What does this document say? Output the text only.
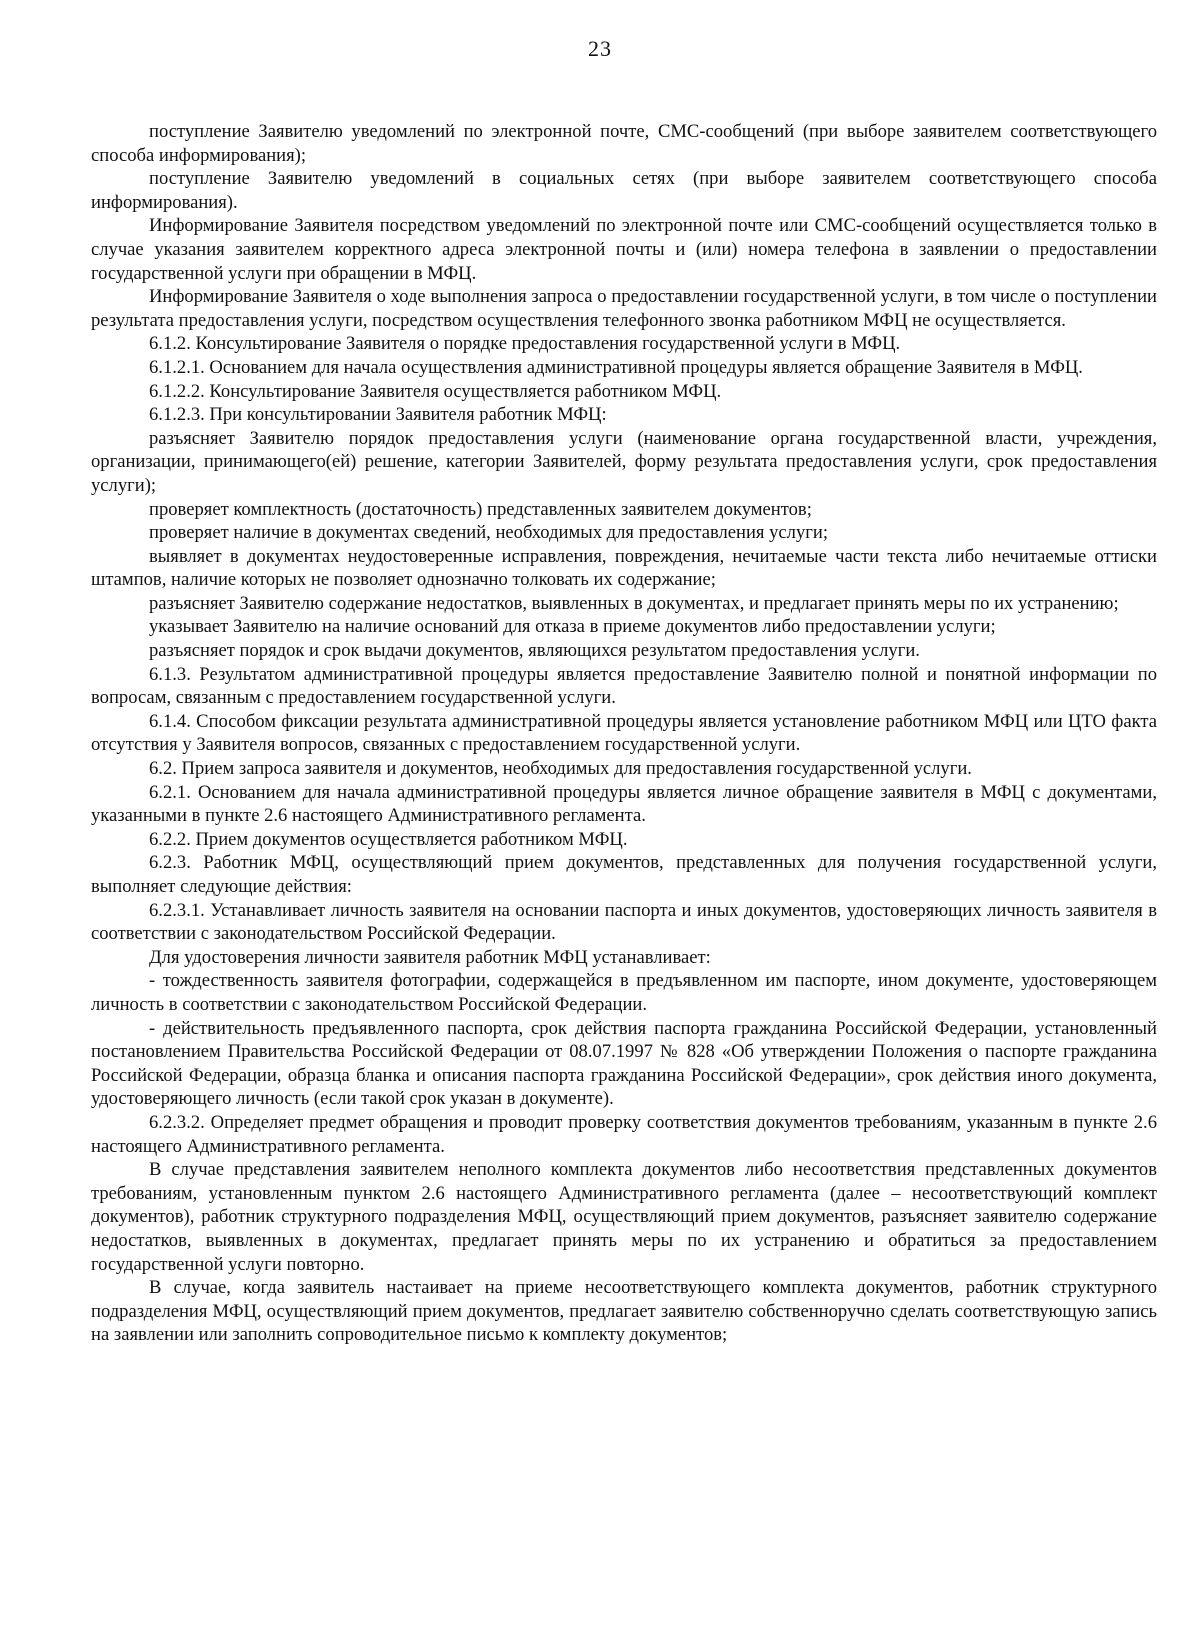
23

поступление Заявителю уведомлений по электронной почте, СМС-сообщений (при выборе заявителем соответствующего способа информирования);

поступление Заявителю уведомлений в социальных сетях (при выборе заявителем соответствующего способа информирования).

Информирование Заявителя посредством уведомлений по электронной почте или СМС-сообщений осуществляется только в случае указания заявителем корректного адреса электронной почты и (или) номера телефона в заявлении о предоставлении государственной услуги при обращении в МФЦ.

Информирование Заявителя о ходе выполнения запроса о предоставлении государственной услуги, в том числе о поступлении результата предоставления услуги, посредством осуществления телефонного звонка работником МФЦ не осуществляется.

6.1.2. Консультирование Заявителя о порядке предоставления государственной услуги в МФЦ.

6.1.2.1. Основанием для начала осуществления административной процедуры является обращение Заявителя в МФЦ.

6.1.2.2. Консультирование Заявителя осуществляется работником МФЦ.

6.1.2.3. При консультировании Заявителя работник МФЦ:

разъясняет Заявителю порядок предоставления услуги (наименование органа государственной власти, учреждения, организации, принимающего(ей) решение, категории Заявителей, форму результата предоставления услуги, срок предоставления услуги);

проверяет комплектность (достаточность) представленных заявителем документов;

проверяет наличие в документах сведений, необходимых для предоставления услуги;

выявляет в документах неудостоверенные исправления, повреждения, нечитаемые части текста либо нечитаемые оттиски штампов, наличие которых не позволяет однозначно толковать их содержание;

разъясняет Заявителю содержание недостатков, выявленных в документах, и предлагает принять меры по их устранению;

указывает Заявителю на наличие оснований для отказа в приеме документов либо предоставлении услуги;

разъясняет порядок и срок выдачи документов, являющихся результатом предоставления услуги.

6.1.3. Результатом административной процедуры является предоставление Заявителю полной и понятной информации по вопросам, связанным с предоставлением государственной услуги.

6.1.4. Способом фиксации результата административной процедуры является установление работником МФЦ или ЦТО факта отсутствия у Заявителя вопросов, связанных с предоставлением государственной услуги.

6.2. Прием запроса заявителя и документов, необходимых для предоставления государственной услуги.

6.2.1. Основанием для начала административной процедуры является личное обращение заявителя в МФЦ с документами, указанными в пункте 2.6 настоящего Административного регламента.

6.2.2. Прием документов осуществляется работником МФЦ.

6.2.3. Работник МФЦ, осуществляющий прием документов, представленных для получения государственной услуги, выполняет следующие действия:

6.2.3.1. Устанавливает личность заявителя на основании паспорта и иных документов, удостоверяющих личность заявителя в соответствии с законодательством Российской Федерации.

Для удостоверения личности заявителя работник МФЦ устанавливает:

- тождественность заявителя фотографии, содержащейся в предъявленном им паспорте, ином документе, удостоверяющем личность в соответствии с законодательством Российской Федерации.

- действительность предъявленного паспорта, срок действия паспорта гражданина Российской Федерации, установленный постановлением Правительства Российской Федерации от 08.07.1997 № 828 «Об утверждении Положения о паспорте гражданина Российской Федерации, образца бланка и описания паспорта гражданина Российской Федерации», срок действия иного документа, удостоверяющего личность (если такой срок указан в документе).

6.2.3.2. Определяет предмет обращения и проводит проверку соответствия документов требованиям, указанным в пункте 2.6 настоящего Административного регламента.

В случае представления заявителем неполного комплекта документов либо несоответствия представленных документов требованиям, установленным пунктом 2.6 настоящего Административного регламента (далее – несоответствующий комплект документов), работник структурного подразделения МФЦ, осуществляющий прием документов, разъясняет заявителю содержание недостатков, выявленных в документах, предлагает принять меры по их устранению и обратиться за предоставлением государственной услуги повторно.

В случае, когда заявитель настаивает на приеме несоответствующего комплекта документов, работник структурного подразделения МФЦ, осуществляющий прием документов, предлагает заявителю собственноручно сделать соответствующую запись на заявлении или заполнить сопроводительное письмо к комплекту документов;
